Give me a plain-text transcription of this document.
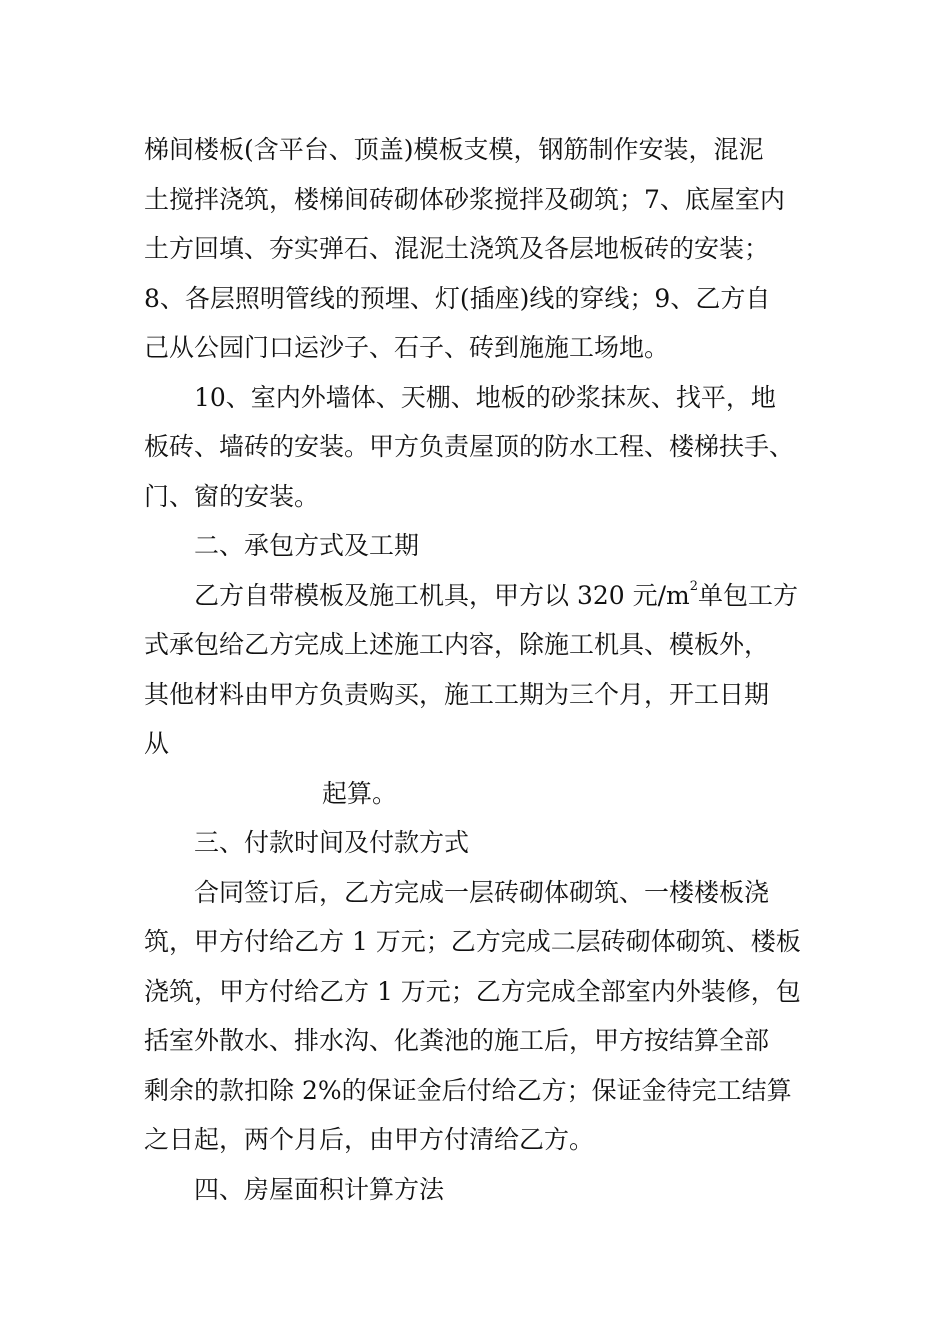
梯间楼板(含平台、顶盖)模板支模，钢筋制作安装，混泥
土搅拌浇筑，楼梯间砖砌体砂浆搅拌及砌筑；7、底屋室内
土方回填、夯实弹石、混泥土浇筑及各层地板砖的安装；
8、各层照明管线的预埋、灯(插座)线的穿线；9、乙方自
己从公园门口运沙子、石子、砖到施施工场地。
10、室内外墙体、天棚、地板的砂浆抹灰、找平，地
板砖、墙砖的安装。甲方负责屋顶的防水工程、楼梯扶手、
门、窗的安装。
二、承包方式及工期
乙方自带模板及施工机具，甲方以 320 元$/m^2$单包工方
式承包给乙方完成上述施工内容，除施工机具、模板外，
其他材料由甲方负责购买，施工工期为三个月，开工日期
从
起算。
三、付款时间及付款方式
合同签订后，乙方完成一层砖砌体砌筑、一楼楼板浇
筑，甲方付给乙方 1 万元；乙方完成二层砖砌体砌筑、楼板
浇筑，甲方付给乙方 1 万元；乙方完成全部室内外装修，包
括室外散水、排水沟、化粪池的施工后，甲方按结算全部
剩余的款扣除 2%的保证金后付给乙方；保证金待完工结算
之日起，两个月后，由甲方付清给乙方。
四、房屋面积计算方法
